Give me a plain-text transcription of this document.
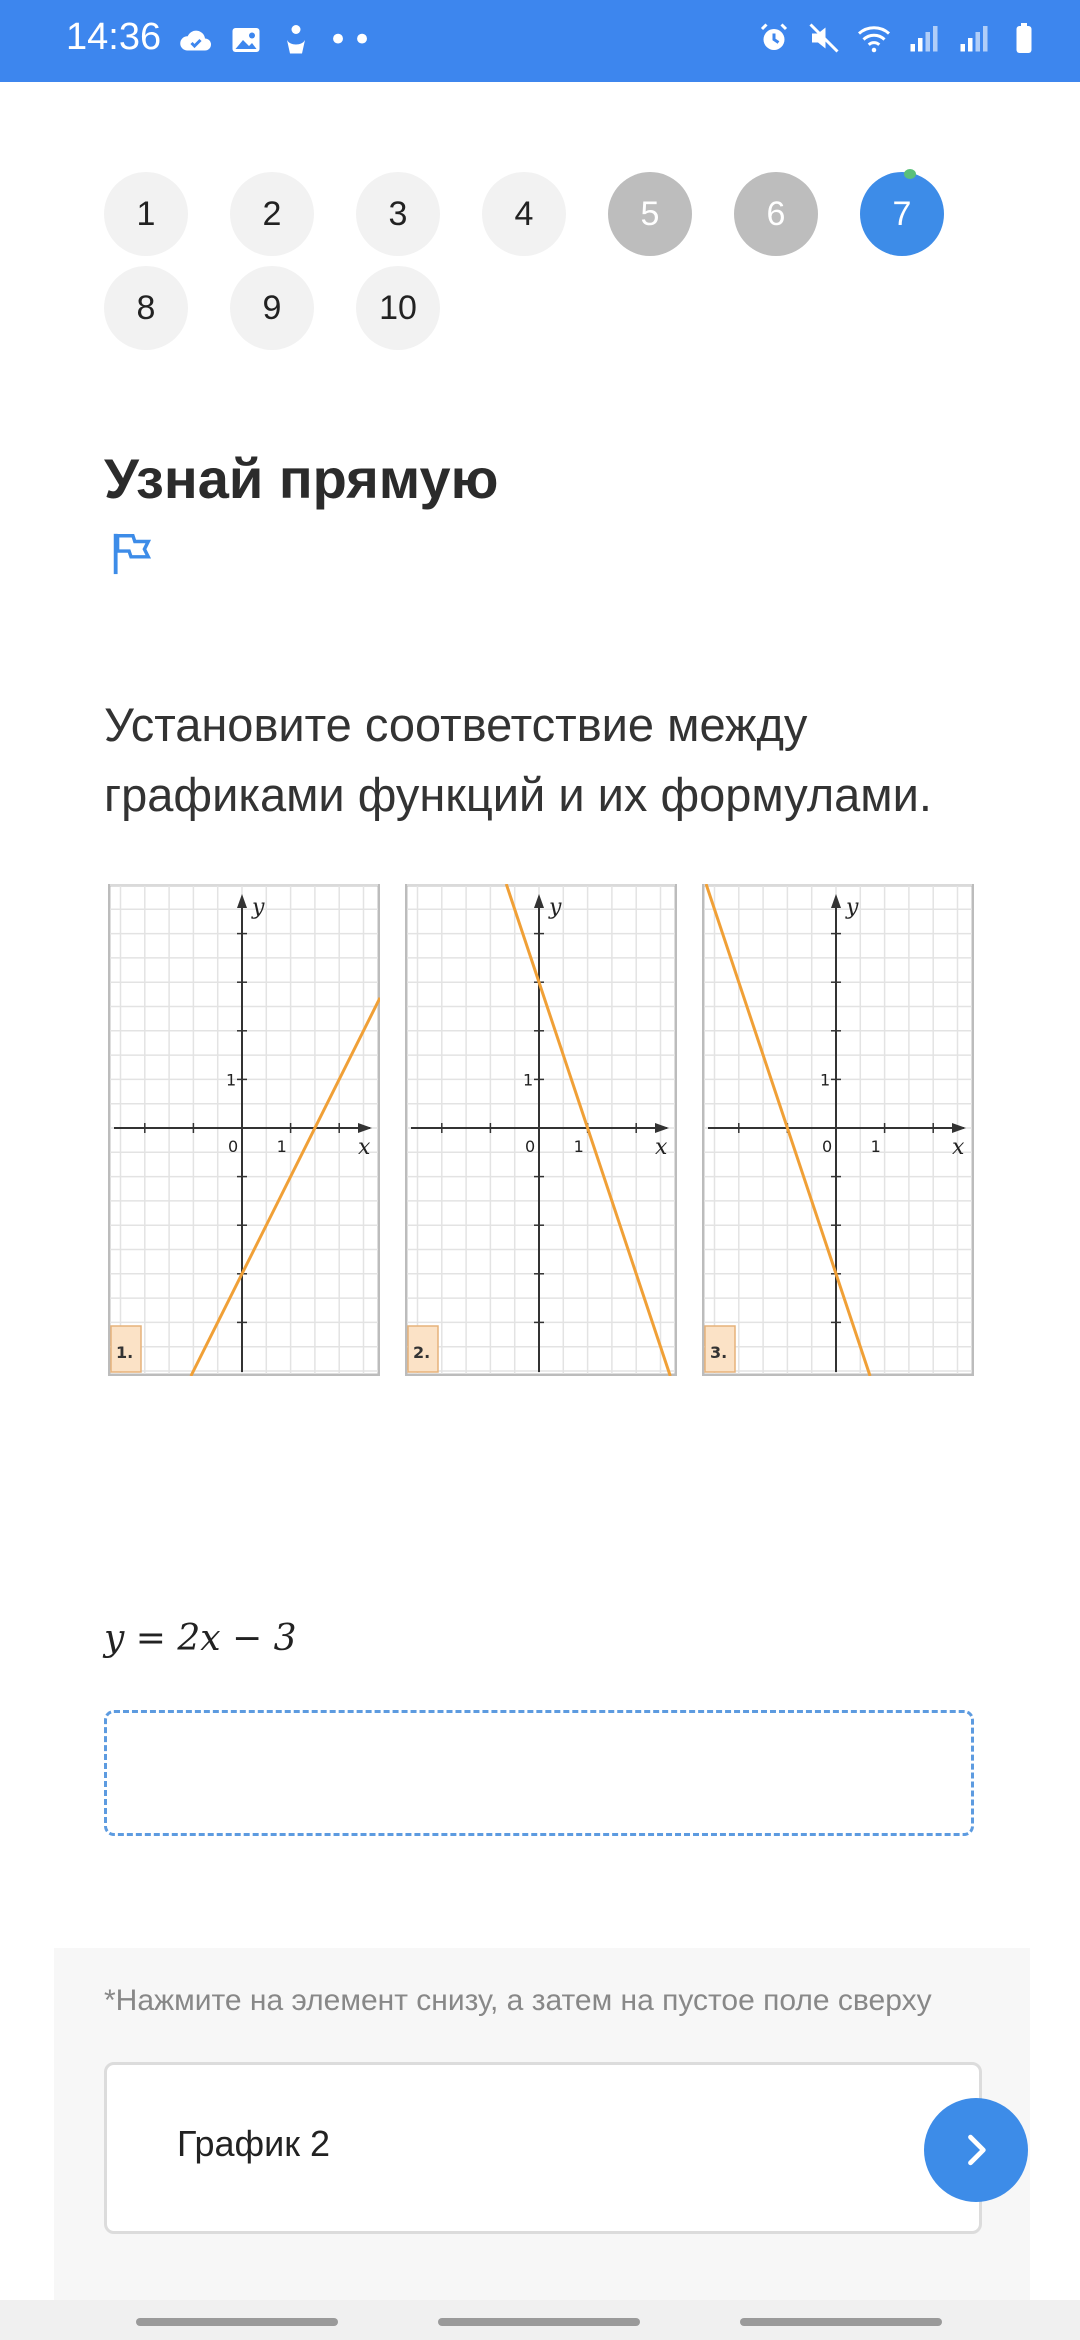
14:36	••
1	2	3	4	5	6	7
8	9	10
Узнай прямую

Установите соответствие между графиками функций и их формулами.

y
x
0 1
1
1.
y
x
0 1
1
2.
y
x
0 1
1
3.
y = 2x − 3
*Нажмите на элемент снизу, а затем на пустое поле сверху
График 2
